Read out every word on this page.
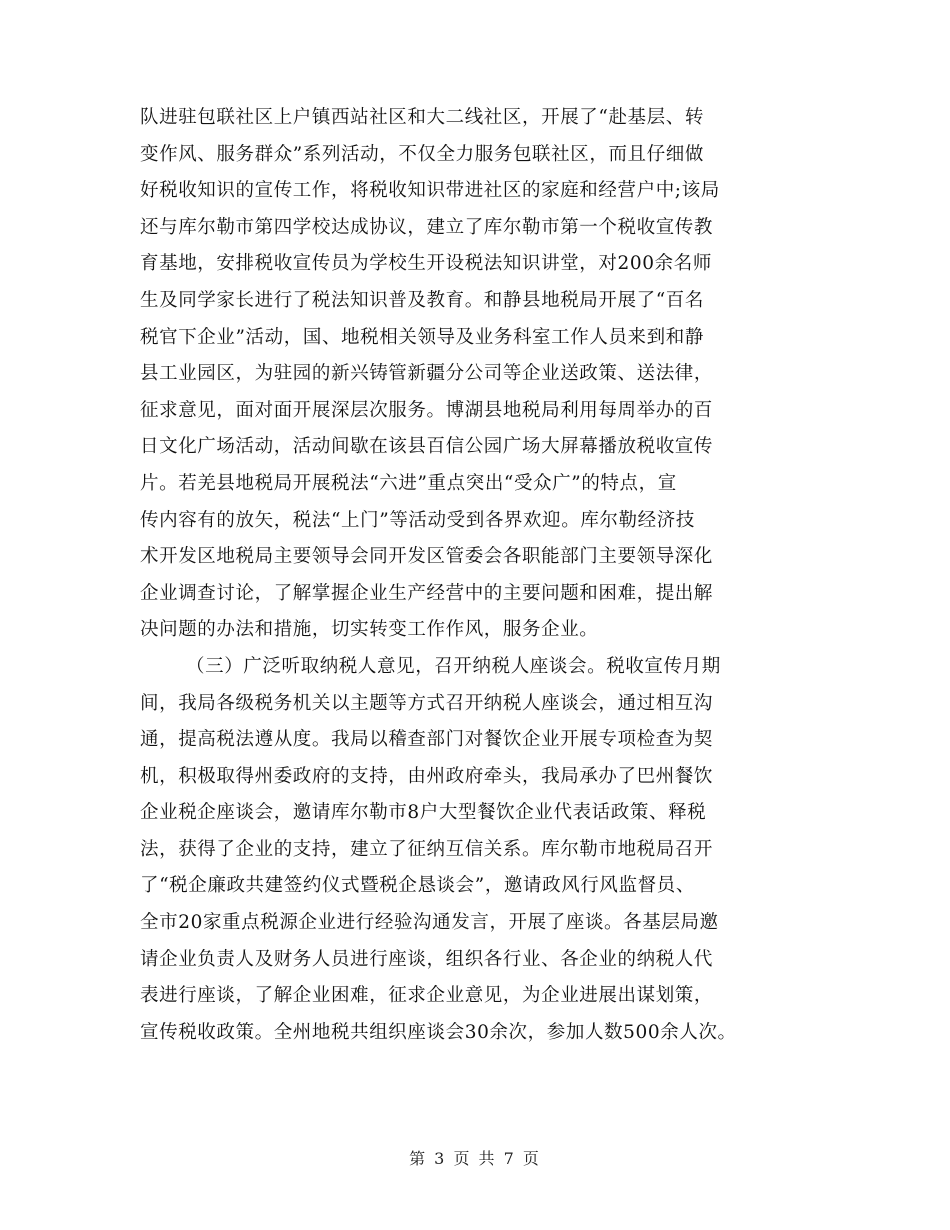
队进驻包联社区上户镇西站社区和大二线社区，开展了“赴基层、转
变作风、服务群众”系列活动，不仅全力服务包联社区，而且仔细做
好税收知识的宣传工作，将税收知识带进社区的家庭和经营户中;该局
还与库尔勒市第四学校达成协议，建立了库尔勒市第一个税收宣传教
育基地，安排税收宣传员为学校生开设税法知识讲堂，对200余名师
生及同学家长进行了税法知识普及教育。和静县地税局开展了“百名
税官下企业”活动，国、地税相关领导及业务科室工作人员来到和静
县工业园区，为驻园的新兴铸管新疆分公司等企业送政策、送法律，
征求意见，面对面开展深层次服务。博湖县地税局利用每周举办的百
日文化广场活动，活动间歇在该县百信公园广场大屏幕播放税收宣传
片。若羌县地税局开展税法“六进”重点突出“受众广”的特点，宣
传内容有的放矢，税法“上门”等活动受到各界欢迎。库尔勒经济技
术开发区地税局主要领导会同开发区管委会各职能部门主要领导深化
企业调查讨论，了解掌握企业生产经营中的主要问题和困难，提出解
决问题的办法和措施，切实转变工作作风，服务企业。
（三）广泛听取纳税人意见，召开纳税人座谈会。税收宣传月期
间，我局各级税务机关以主题等方式召开纳税人座谈会，通过相互沟
通，提高税法遵从度。我局以稽查部门对餐饮企业开展专项检查为契
机，积极取得州委政府的支持，由州政府牵头，我局承办了巴州餐饮
企业税企座谈会，邀请库尔勒市8户大型餐饮企业代表话政策、释税
法，获得了企业的支持，建立了征纳互信关系。库尔勒市地税局召开
了“税企廉政共建签约仪式暨税企恳谈会”，邀请政风行风监督员、
全市20家重点税源企业进行经验沟通发言，开展了座谈。各基层局邀
请企业负责人及财务人员进行座谈，组织各行业、各企业的纳税人代
表进行座谈，了解企业困难，征求企业意见，为企业进展出谋划策，
宣传税收政策。全州地税共组织座谈会30余次，参加人数500余人次。
第 3 页 共 7 页
